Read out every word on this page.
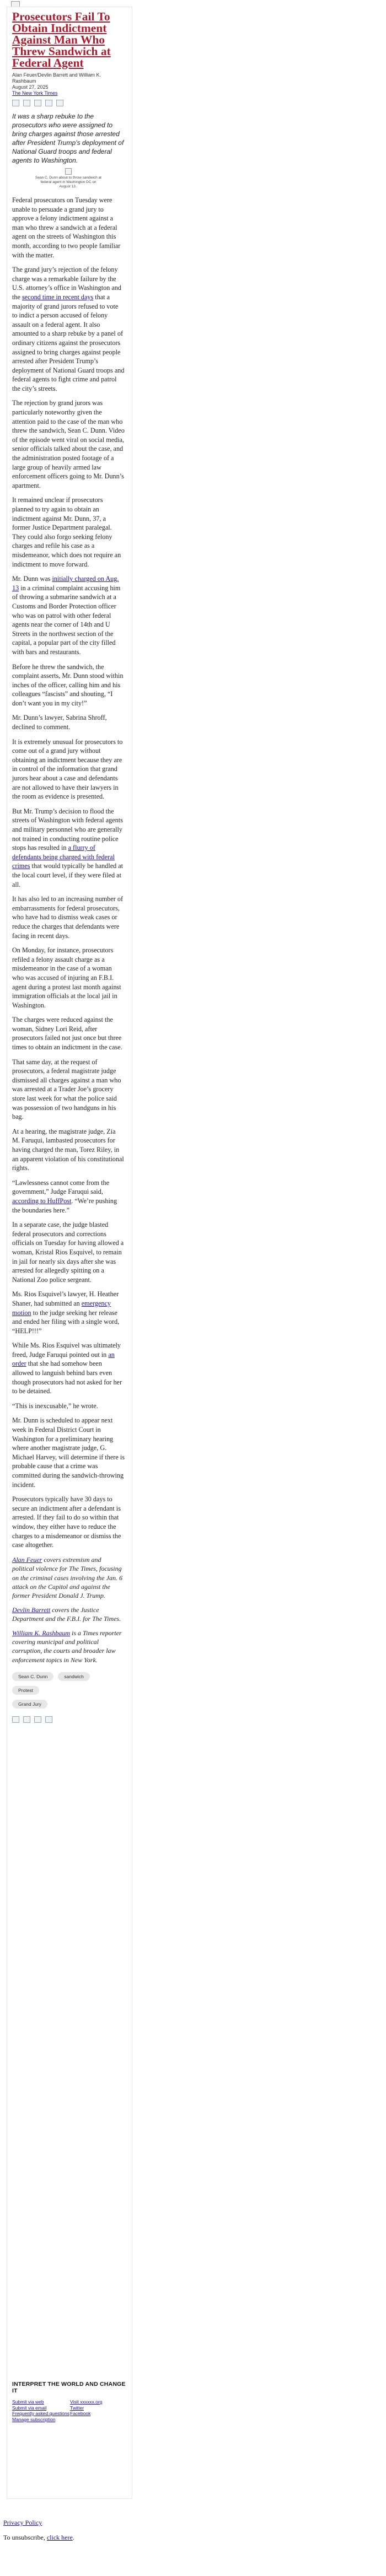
Prosecutors Fail To Obtain Indictment Against Man Who Threw Sandwich at Federal Agent
Alan Feuer/Devlin Barrett and William K. Rashbaum
August 27, 2025
The New York Times

It was a sharp rebuke to the prosecutors who were assigned to bring charges against those arrested after President Trump’s deployment of National Guard troops and federal agents to Washington.

Sean C. Dunn about to throw sandwich at federal agent in Washington DC on August 13..

Federal prosecutors on Tuesday were unable to persuade a grand jury to approve a felony indictment against a man who threw a sandwich at a federal agent on the streets of Washington this month, according to two people familiar with the matter.

The grand jury’s rejection of the felony charge was a remarkable failure by the U.S. attorney’s office in Washington and the second time in recent days that a majority of grand jurors refused to vote to indict a person accused of felony assault on a federal agent. It also amounted to a sharp rebuke by a panel of ordinary citizens against the prosecutors assigned to bring charges against people arrested after President Trump’s deployment of National Guard troops and federal agents to fight crime and patrol the city’s streets.

The rejection by grand jurors was particularly noteworthy given the attention paid to the case of the man who threw the sandwich, Sean C. Dunn. Video of the episode went viral on social media, senior officials talked about the case, and the administration posted footage of a large group of heavily armed law enforcement officers going to Mr. Dunn’s apartment.

It remained unclear if prosecutors planned to try again to obtain an indictment against Mr. Dunn, 37, a former Justice Department paralegal. They could also forgo seeking felony charges and refile his case as a misdemeanor, which does not require an indictment to move forward.

Mr. Dunn was initially charged on Aug. 13 in a criminal complaint accusing him of throwing a submarine sandwich at a Customs and Border Protection officer who was on patrol with other federal agents near the corner of 14th and U Streets in the northwest section of the capital, a popular part of the city filled with bars and restaurants.

Before he threw the sandwich, the complaint asserts, Mr. Dunn stood within inches of the officer, calling him and his colleagues “fascists” and shouting, “I don’t want you in my city!”

Mr. Dunn’s lawyer, Sabrina Shroff, declined to comment.

It is extremely unusual for prosecutors to come out of a grand jury without obtaining an indictment because they are in control of the information that grand jurors hear about a case and defendants are not allowed to have their lawyers in the room as evidence is presented.

But Mr. Trump’s decision to flood the streets of Washington with federal agents and military personnel who are generally not trained in conducting routine police stops has resulted in a flurry of defendants being charged with federal crimes that would typically be handled at the local court level, if they were filed at all.

It has also led to an increasing number of embarrassments for federal prosecutors, who have had to dismiss weak cases or reduce the charges that defendants were facing in recent days.

On Monday, for instance, prosecutors refiled a felony assault charge as a misdemeanor in the case of a woman who was accused of injuring an F.B.I. agent during a protest last month against immigration officials at the local jail in Washington.

The charges were reduced against the woman, Sidney Lori Reid, after prosecutors failed not just once but three times to obtain an indictment in the case.

That same day, at the request of prosecutors, a federal magistrate judge dismissed all charges against a man who was arrested at a Trader Joe’s grocery store last week for what the police said was possession of two handguns in his bag.

At a hearing, the magistrate judge, Zia M. Faruqui, lambasted prosecutors for having charged the man, Torez Riley, in an apparent violation of his constitutional rights.

“Lawlessness cannot come from the government,” Judge Faruqui said, according to HuffPost. “We’re pushing the boundaries here.”

In a separate case, the judge blasted federal prosecutors and corrections officials on Tuesday for having allowed a woman, Kristal Rios Esquivel, to remain in jail for nearly six days after she was arrested for allegedly spitting on a National Zoo police sergeant.

Ms. Rios Esquivel’s lawyer, H. Heather Shaner, had submitted an emergency motion to the judge seeking her release and ended her filing with a single word, “HELP!!!”

While Ms. Rios Esquivel was ultimately freed, Judge Faruqui pointed out in an order that she had somehow been allowed to languish behind bars even though prosecutors had not asked for her to be detained.

“This is inexcusable,” he wrote.

Mr. Dunn is scheduled to appear next week in Federal District Court in Washington for a preliminary hearing where another magistrate judge, G. Michael Harvey, will determine if there is probable cause that a crime was committed during the sandwich-throwing incident.

Prosecutors typically have 30 days to secure an indictment after a defendant is arrested. If they fail to do so within that window, they either have to reduce the charges to a misdemeanor or dismiss the case altogether.

Alan Feuer covers extremism and political violence for The Times, focusing on the criminal cases involving the Jan. 6 attack on the Capitol and against the former President Donald J. Trump.

Devlin Barrett covers the Justice Department and the F.B.I. for The Times.

William K. Rashbaum is a Times reporter covering municipal and political corruption, the courts and broader law enforcement topics in New York.

Sean C. Dunn	sandwichProtest
Grand Jury
INTERPRET THE WORLD AND CHANGE IT
Submit via web
Submit via email
Frequently asked questions
Manage subscription
Visit xxxxxx.org
Twitter
Facebook
Privacy Policy
To unsubscribe, click here.
